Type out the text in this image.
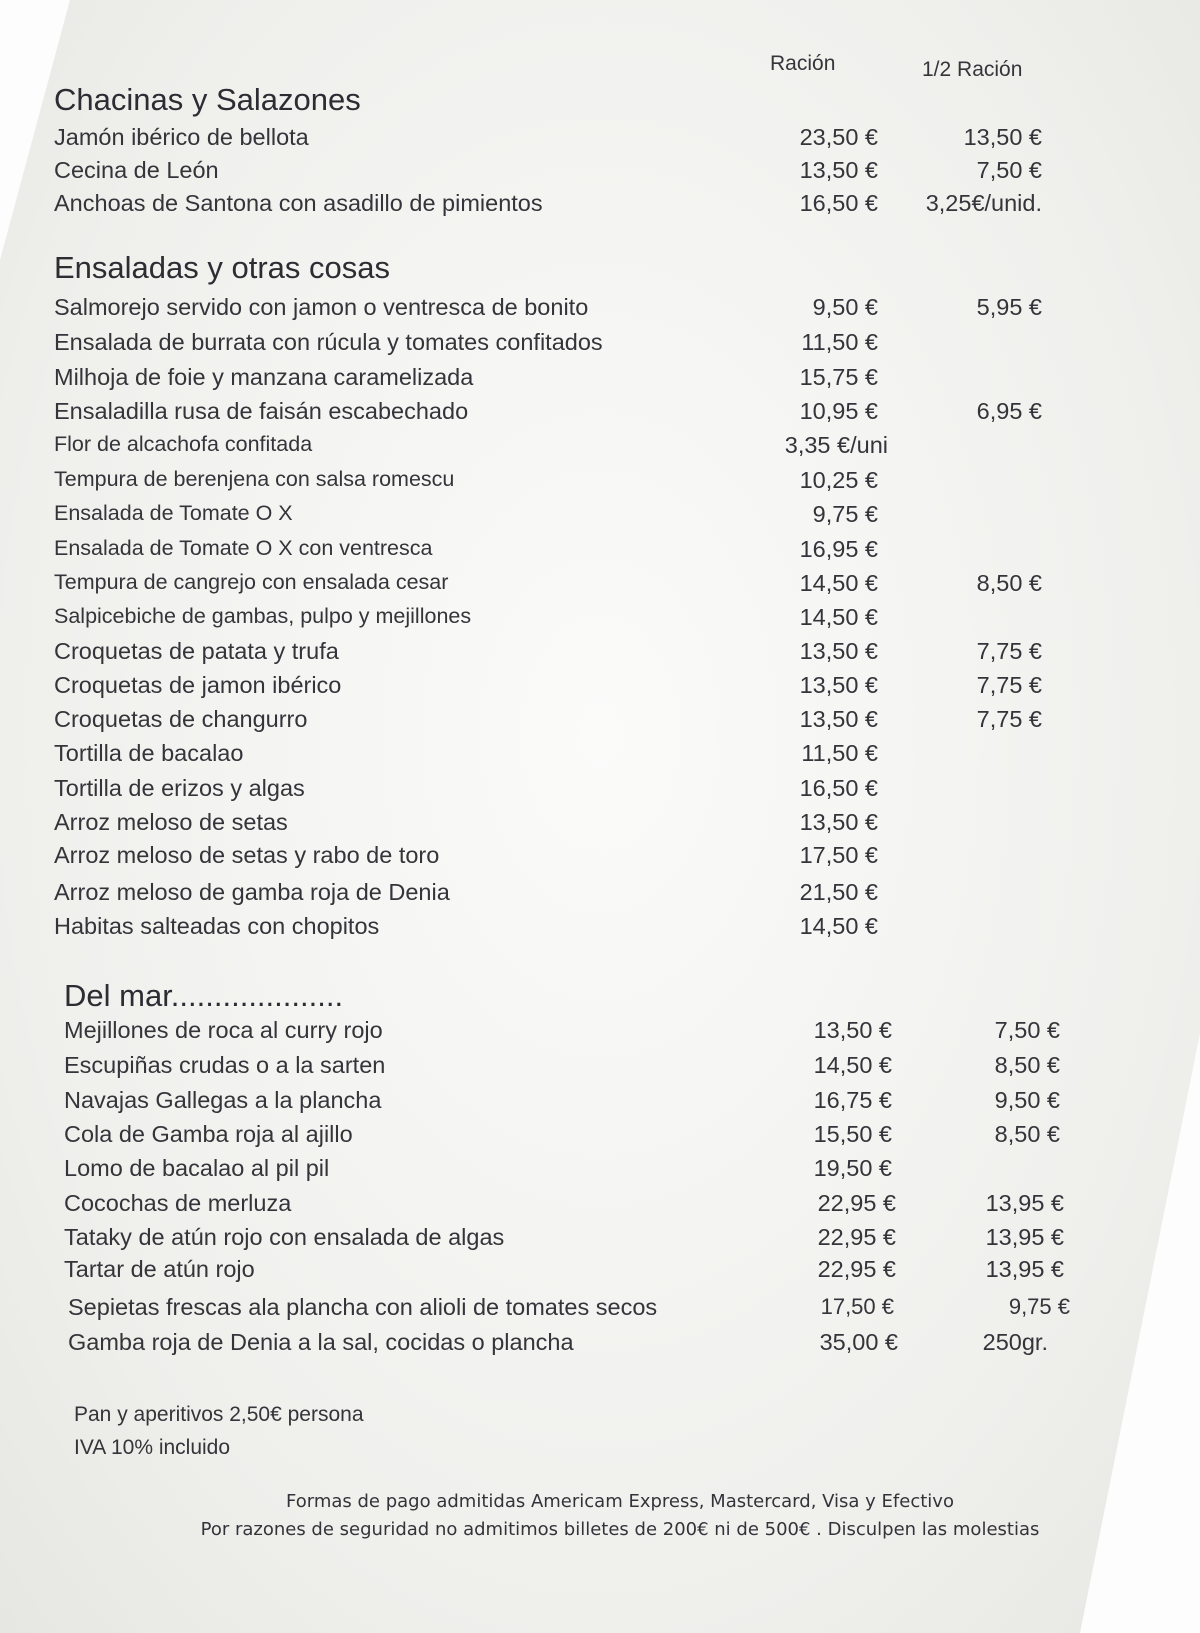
Ración	1/2 Ración
Chacinas y Salazones
Jamón ibérico de bellota	23,50 €	13,50 €
Cecina de León	13,50 €	7,50 €
Anchoas de Santona con asadillo de pimientos	16,50 € 3,25€/unid.
Ensaladas y otras cosas
Salmorejo servido con jamon o ventresca de bonito	9,50 €	5,95 €
Ensalada de burrata con rúcula y tomates confitados	11,50 €
Milhoja de foie y manzana caramelizada	15,75 €
Ensaladilla rusa de faisán escabechado	10,95 €	6,95 €
Flor de alcachofa confitada	3,35 €/uni
Tempura de berenjena con salsa romescu	10,25 €
Ensalada de Tomate O X	9,75 €
Ensalada de Tomate O X con ventresca	16,95 €
Tempura de cangrejo con ensalada cesar	14,50 €	8,50 €
Salpicebiche de gambas, pulpo y mejillones	14,50 €
Croquetas de patata y trufa	13,50 €	7,75 €
Croquetas de jamon ibérico	13,50 €	7,75 €
Croquetas de changurro	13,50 €	7,75 €
Tortilla de bacalao	11,50 €
Tortilla de erizos y algas	16,50 €
Arroz meloso de setas	13,50 €
Arroz meloso de setas y rabo de toro	17,50 €
Arroz meloso de gamba roja de Denia	21,50 €
Habitas salteadas con chopitos	14,50 €
Del mar....................
Mejillones de roca al curry rojo	13,50 €	7,50 €
Escupiñas crudas o a la sarten	14,50 €	8,50 €
Navajas Gallegas a la plancha	16,75 €	9,50 €
Cola de Gamba roja al ajillo	15,50 €	8,50 €
Lomo de bacalao al pil pil	19,50 €
Cocochas de merluza	22,95 €	13,95 €
Tataky de atún rojo con ensalada de algas	22,95 €	13,95 €
Tartar de atún rojo	22,95 €	13,95 €
Sepietas frescas ala plancha con alioli de tomates secos	17,50 €	9,75 €
Gamba roja de Denia a la sal, cocidas o plancha	35,00 €	250gr.
Pan y aperitivos 2,50€ persona
IVA 10% incluido
Formas de pago admitidas Americam Express, Mastercard, Visa y Efectivo
Por razones de seguridad no admitimos billetes de 200€ ni de 500€ . Disculpen las molestias
